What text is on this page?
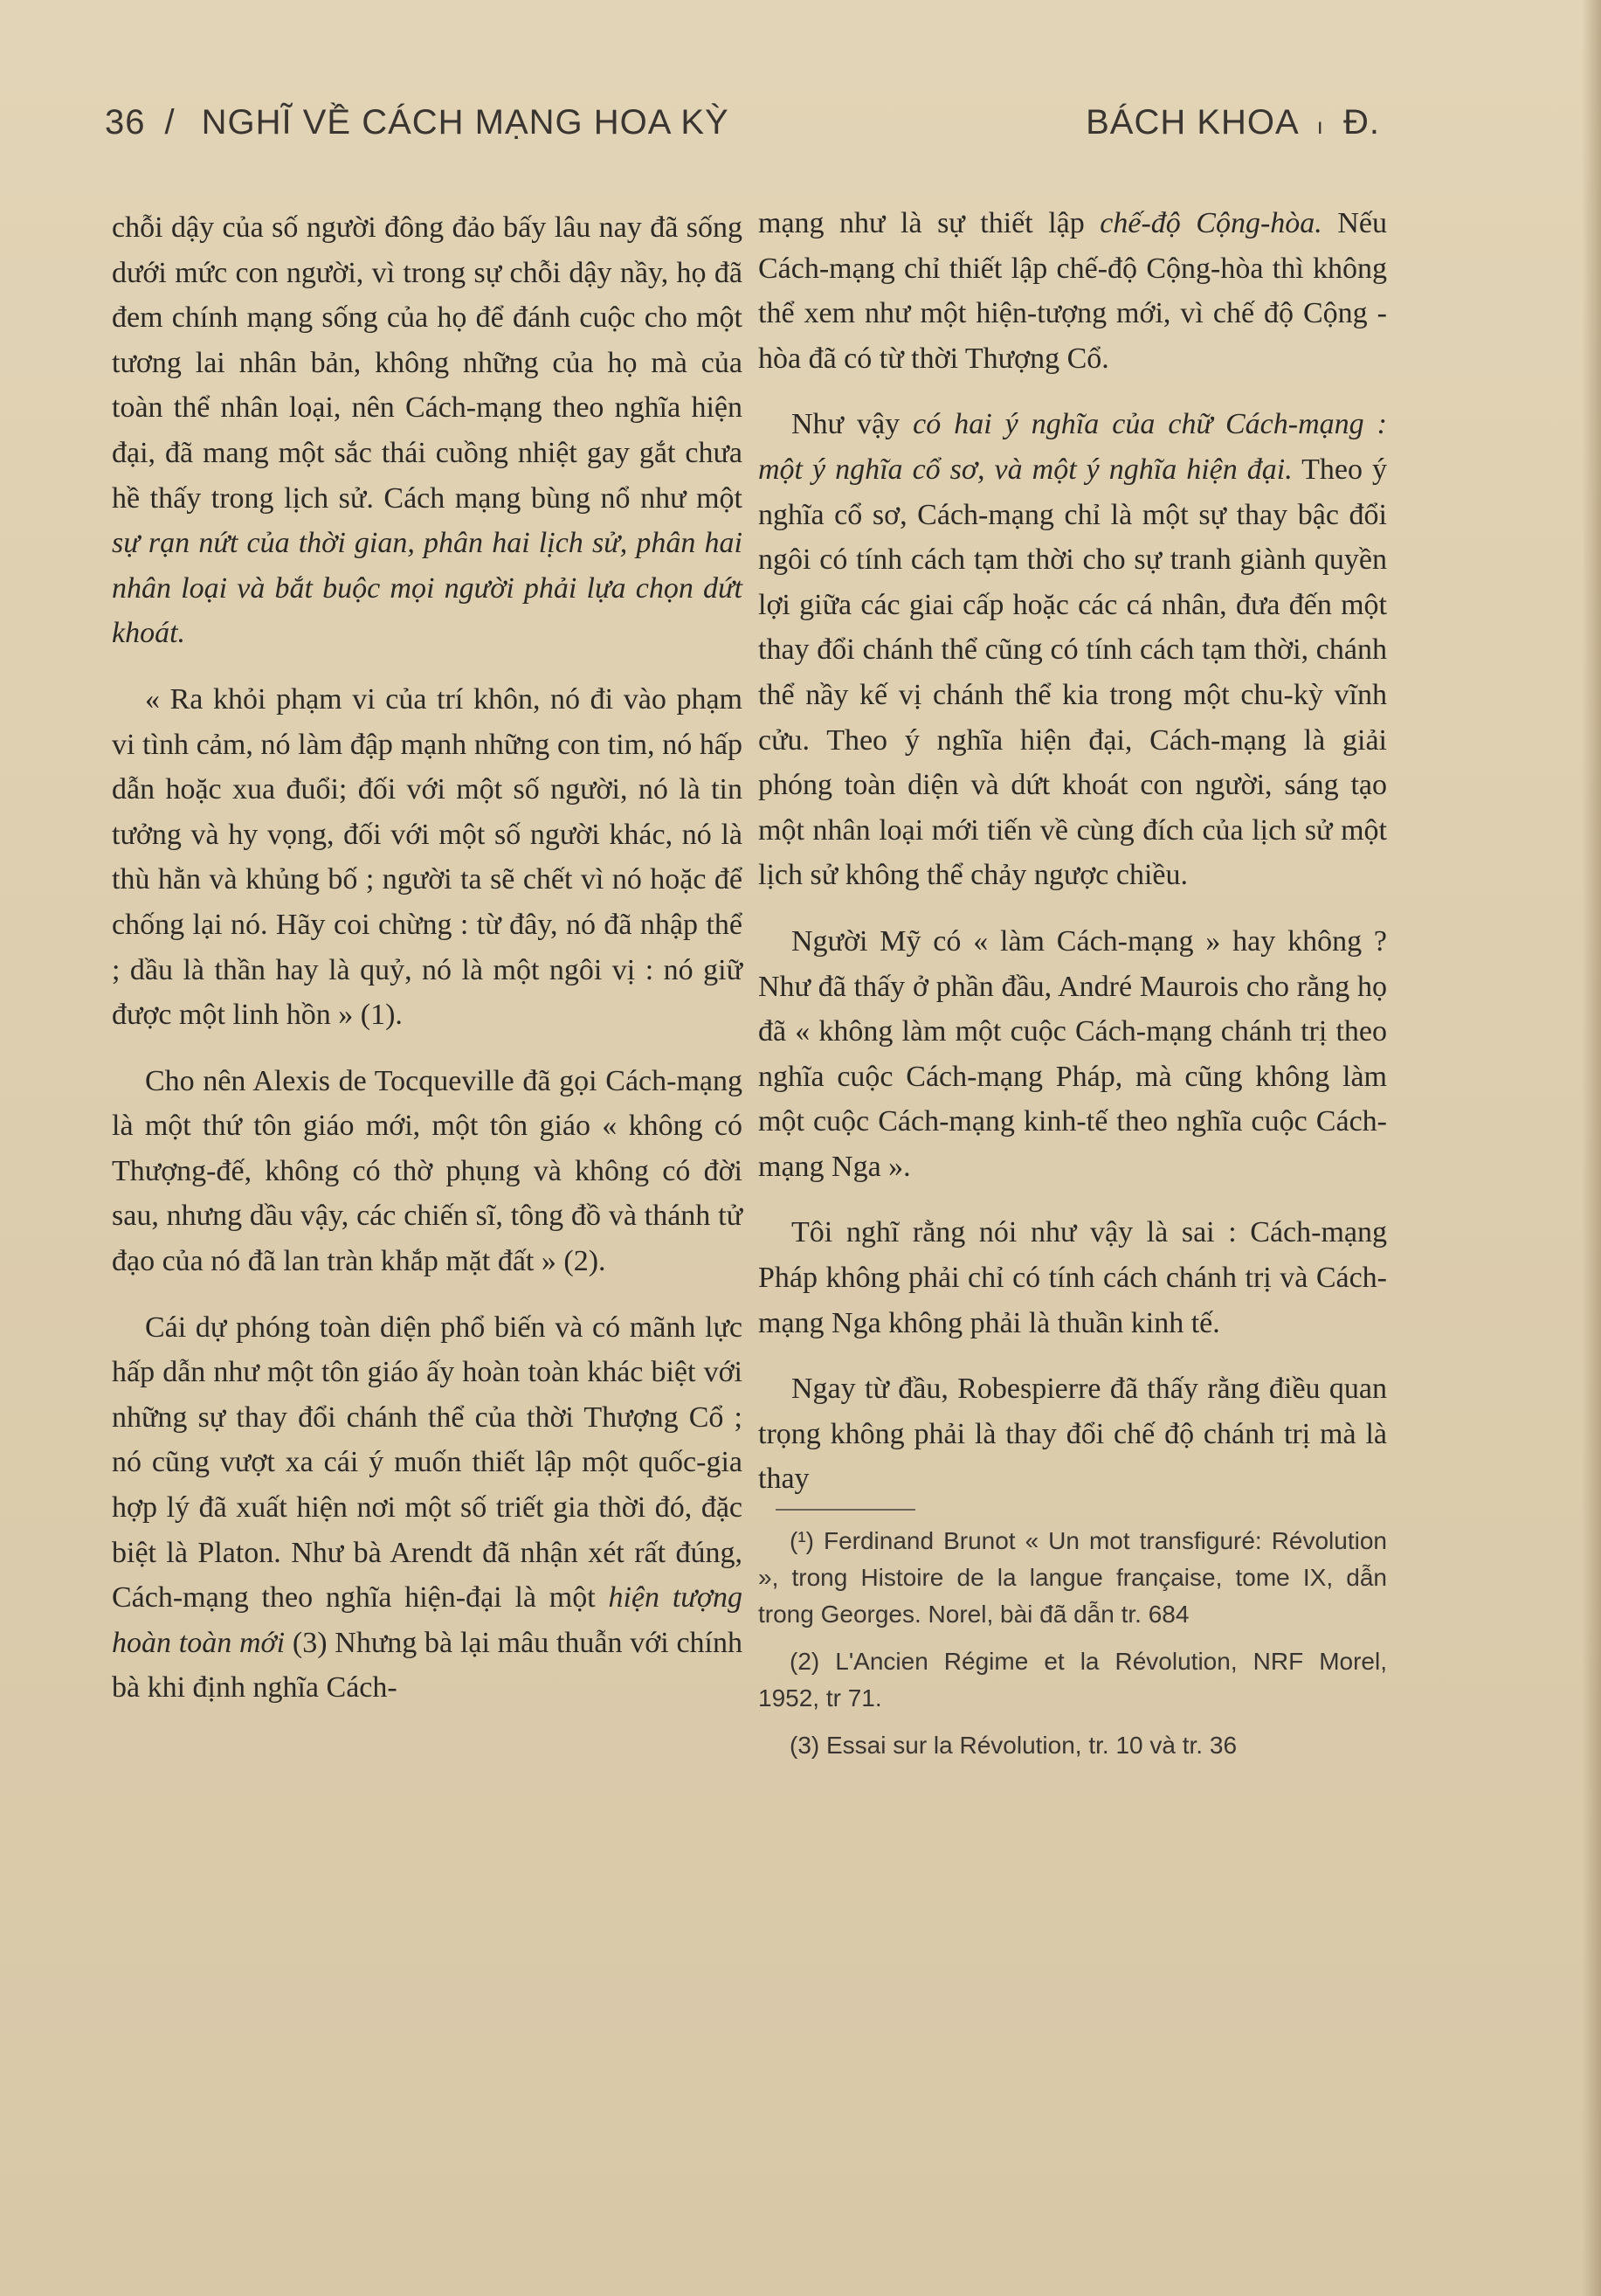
36 / NGHĨ VỀ CÁCH MẠNG HOA KỲ	BÁCH KHOA ı Đ.

chỗi dậy của số người đông đảo bấy lâu nay đã sống dưới mức con người, vì trong sự chỗi dậy nầy, họ đã đem chính mạng sống của họ để đánh cuộc cho một tương lai nhân bản, không những của họ mà của toàn thể nhân loại, nên Cách-mạng theo nghĩa hiện đại, đã mang một sắc thái cuồng nhiệt gay gắt chưa hề thấy trong lịch sử. Cách mạng bùng nổ như một sự rạn nứt của thời gian, phân hai lịch sử, phân hai nhân loại và bắt buộc mọi người phải lựa chọn dứt khoát.

« Ra khỏi phạm vi của trí khôn, nó đi vào phạm vi tình cảm, nó làm đập mạnh những con tim, nó hấp dẫn hoặc xua đuổi; đối với một số người, nó là tin tưởng và hy vọng, đối với một số người khác, nó là thù hằn và khủng bố ; người ta sẽ chết vì nó hoặc để chống lại nó. Hãy coi chừng : từ đây, nó đã nhập thể ; dầu là thần hay là quỷ, nó là một ngôi vị : nó giữ được một linh hồn » (1).

Cho nên Alexis de Tocqueville đã gọi Cách-mạng là một thứ tôn giáo mới, một tôn giáo « không có Thượng-đế, không có thờ phụng và không có đời sau, nhưng dầu vậy, các chiến sĩ, tông đồ và thánh tử đạo của nó đã lan tràn khắp mặt đất » (2).

Cái dự phóng toàn diện phổ biến và có mãnh lực hấp dẫn như một tôn giáo ấy hoàn toàn khác biệt với những sự thay đổi chánh thể của thời Thượng Cổ ; nó cũng vượt xa cái ý muốn thiết lập một quốc-gia hợp lý đã xuất hiện nơi một số triết gia thời đó, đặc biệt là Platon. Như bà Arendt đã nhận xét rất đúng, Cách-mạng theo nghĩa hiện-đại là một hiện tượng hoàn toàn mới (3) Nhưng bà lại mâu thuẫn với chính bà khi định nghĩa Cách-

mạng như là sự thiết lập chế-độ Cộng-hòa. Nếu Cách-mạng chỉ thiết lập chế-độ Cộng-hòa thì không thể xem như một hiện-tượng mới, vì chế độ Cộng - hòa đã có từ thời Thượng Cổ.

Như vậy có hai ý nghĩa của chữ Cách-mạng : một ý nghĩa cổ sơ, và một ý nghĩa hiện đại. Theo ý nghĩa cổ sơ, Cách-mạng chỉ là một sự thay bậc đổi ngôi có tính cách tạm thời cho sự tranh giành quyền lợi giữa các giai cấp hoặc các cá nhân, đưa đến một thay đổi chánh thể cũng có tính cách tạm thời, chánh thể nầy kế vị chánh thể kia trong một chu-kỳ vĩnh cửu. Theo ý nghĩa hiện đại, Cách-mạng là giải phóng toàn diện và dứt khoát con người, sáng tạo một nhân loại mới tiến về cùng đích của lịch sử một lịch sử không thể chảy ngược chiều.

Người Mỹ có « làm Cách-mạng » hay không ? Như đã thấy ở phần đầu, André Maurois cho rằng họ đã « không làm một cuộc Cách-mạng chánh trị theo nghĩa cuộc Cách-mạng Pháp, mà cũng không làm một cuộc Cách-mạng kinh-tế theo nghĩa cuộc Cách-mạng Nga ».

Tôi nghĩ rằng nói như vậy là sai : Cách-mạng Pháp không phải chỉ có tính cách chánh trị và Cách-mạng Nga không phải là thuần kinh tế.

Ngay từ đầu, Robespierre đã thấy rằng điều quan trọng không phải là thay đổi chế độ chánh trị mà là thay

(¹) Ferdinand Brunot « Un mot transfiguré: Révolution », trong Histoire de la langue française, tome IX, dẫn trong Georges. Norel, bài đã dẫn tr. 684
(2) L'Ancien Régime et la Révolution, NRF Morel, 1952, tr 71.
(3) Essai sur la Révolution, tr. 10 và tr. 36
